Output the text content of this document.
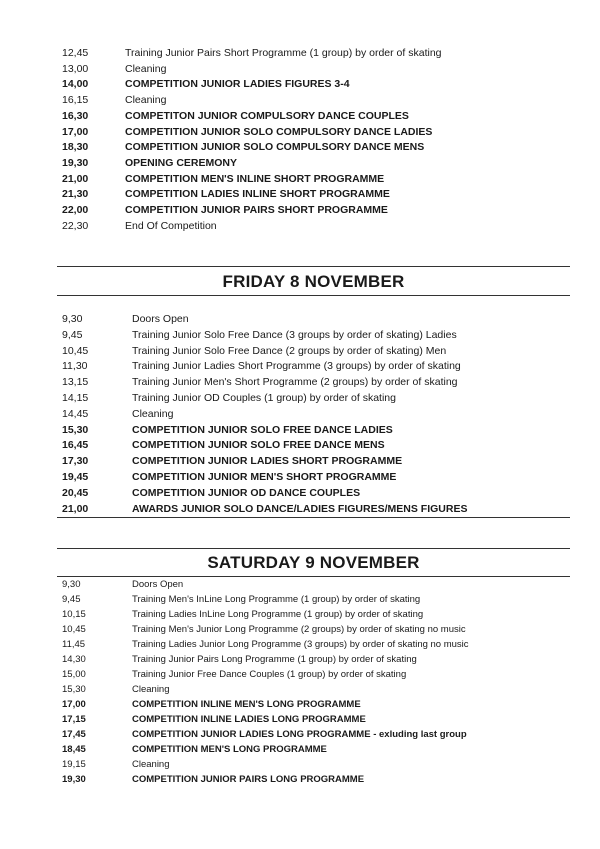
12,45	Training Junior Pairs Short Programme (1 group) by order of skating
13,00	Cleaning
14,00	COMPETITION JUNIOR LADIES FIGURES 3-4
16,15	Cleaning
16,30	COMPETITON JUNIOR COMPULSORY DANCE COUPLES
17,00	COMPETITION JUNIOR SOLO COMPULSORY DANCE LADIES
18,30	COMPETITION JUNIOR SOLO COMPULSORY DANCE MENS
19,30	OPENING CEREMONY
21,00	COMPETITION MEN'S INLINE SHORT PROGRAMME
21,30	COMPETITION LADIES INLINE SHORT PROGRAMME
22,00	COMPETITION JUNIOR PAIRS SHORT PROGRAMME
22,30	End Of Competition
FRIDAY 8 NOVEMBER
9,30	Doors Open
9,45	Training Junior Solo Free Dance (3 groups by order of skating) Ladies
10,45	Training Junior Solo Free Dance (2 groups by order of skating) Men
11,30	Training Junior Ladies Short Programme (3 groups) by order of skating
13,15	Training Junior Men's Short Programme (2 groups) by order of skating
14,15	Training Junior OD Couples (1 group) by order of skating
14,45	Cleaning
15,30	COMPETITION JUNIOR SOLO FREE DANCE LADIES
16,45	COMPETITION JUNIOR SOLO FREE DANCE MENS
17,30	COMPETITION JUNIOR LADIES SHORT PROGRAMME
19,45	COMPETITION JUNIOR MEN'S SHORT PROGRAMME
20,45	COMPETITION JUNIOR OD DANCE COUPLES
21,00	AWARDS JUNIOR SOLO DANCE/LADIES FIGURES/MENS FIGURES
SATURDAY 9 NOVEMBER
9,30	Doors Open
9,45	Training Men's InLine Long Programme (1 group) by order of skating
10,15	Training Ladies InLine Long Programme (1 group) by order of skating
10,45	Training Men's Junior Long Programme (2 groups) by order of skating no music
11,45	Training Ladies Junior Long Programme (3 groups) by order of skating no music
14,30	Training Junior Pairs Long Programme (1 group) by order of skating
15,00	Training Junior Free Dance Couples (1 group) by order of skating
15,30	Cleaning
17,00	COMPETITION INLINE MEN'S LONG PROGRAMME
17,15	COMPETITION INLINE LADIES LONG PROGRAMME
17,45	COMPETITION JUNIOR LADIES LONG PROGRAMME - exluding last group
18,45	COMPETITION MEN'S LONG PROGRAMME
19,15	Cleaning
19,30	COMPETITION JUNIOR PAIRS LONG PROGRAMME
